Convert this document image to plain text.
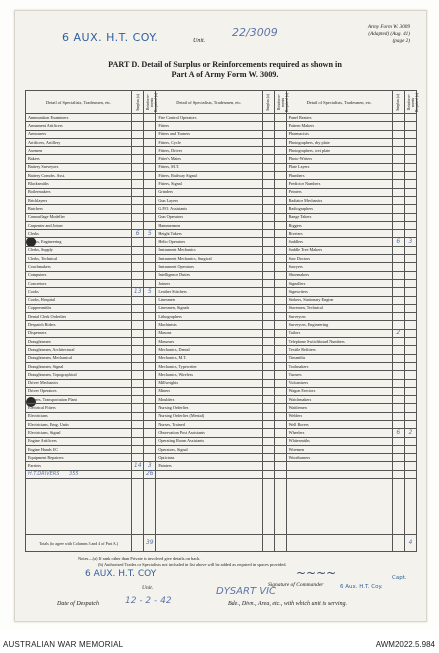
6 AUX. H.T. COY.	Unit.
22/3009	Army Form W. 3009
(Adapted) (Aug. 41)
(page 2)
PART D. Detail of Surplus or Reinforcements required as shown in
Part A of Army Form W. 3009.
Detail of Specialists, Tradesmen, etc.	Surplus (a)	Reinforce-ments Required (a)	Detail of Specialists, Tradesmen, etc.	Surplus (a)	Reinforce-ments Required (a)	Detail of Specialists, Tradesmen, etc.	Surplus (a)	Reinforce-ments Required (a)

Ammunition Examiners			Fire Control Operators			Panel Beaters		
Armament Artificers			Fitters			Pattern Makers		
Armourers			Fitters and Turners			Pharmacists		
Artificers, Artillery			Fitters, Cycle			Photographers, dry plate		
Axemen			Fitters, Driver			Photographers, wet plate		
Bakers			Fitter's Mates			Photo-Writers		
Battery Surveyors			Fitters, M.T.			Plate Layers		
Battery Comdrs. Asst.			Fitters, Railway Signal			Plumbers		
Blacksmiths			Fitters, Signal			Predictor Numbers		
Boilermakers			Grinders			Printers		
Bricklayers			Gun Layers			Radiator Mechanics		
Butchers			G.P.O. Assistants			Radiographers		
Camouflage Modeller			Gun Operators			Range Takers		
Carpenter and Joiner			Hammermen			Riggers		
Clerks	6	5	Height Takers			Riveters		
Clerks, Engineering			Helio Operators			Saddlers	6	3
Clerks, Supply			Instrument Mechanics			Saddle Tree Makers		
Clerks, Technical			Instrument Mechanics, Surgical			Saw Doctors		
Coachmakers			Instrument Operators			Sawyers		
Computers			Intelligence Duties			Shoemakers		
Concretors			Joiners			Signallers		
Cooks	13	5	Leather Stitchers			Signwriters		
Cooks, Hospital			Linesmen			Stokers, Stationary Engine		
Coppersmiths			Linesmen, Signals			Storemen, Technical		
Dental Clerk Orderlies			Lithographers			Surveyors		
Despatch Riders			Machinists			Surveyors, Engineering		
Dispensers			Masons			Tailors	2	
Draughtsmen			Masseurs			Telephone Switchboard Numbers		
Draughtsmen, Architectural			Mechanics, Dental			Textile Refitters		
Draughtsmen, Mechanical			Mechanics, M.T.			Tinsmiths		
Draughtsmen, Signal			Mechanics, Typewriter			Toolmakers		
Draughtsmen, Topographical			Mechanics, Wireless			Turners		
Driver Mechanics			Millwrights			Vulcanisers		
Driver Operators			Miners			Wagon Erectors		
Drivers, Transportation Plant			Moulders			Watchmakers		
Electrical Fitters			Nursing Orderlies			Wattlemen		
Electricians			Nursing Orderlies (Mental)			Welders		
Electricians, Emg. Units			Nurses, Trained			Well Borers		
Electricians, Signal			Observation Post Assistants			Wheelers	6	2
Engine Artificers			Operating Room Assistants			Whitesmiths		
Engine Hands I/C			Operators, Signal			Wiremen		
Equipment Repairers			Opticians			Woodturners		
Farriers	14	3	Painters					
H.T.DRIVERS 355		26						

Totals (to agree with Columns 3 and 4 of Part A.)		39						4
Notes—(a) If rank other than Private is involved give details on back.
(b) Authorised Trades or Specialists not included in list above will be added as required in spaces provided.
6 AUX. H.T. COY
Unit.	DYSART VIC
~~~~	Capt.
Signature of Commander	6 Aux. H.T. Coy.
Date of Despatch	12 - 2 - 42	Bde., Divn., Area, etc., with which unit is serving.
AUSTRALIAN WAR MEMORIAL	AWM2022.5.984
